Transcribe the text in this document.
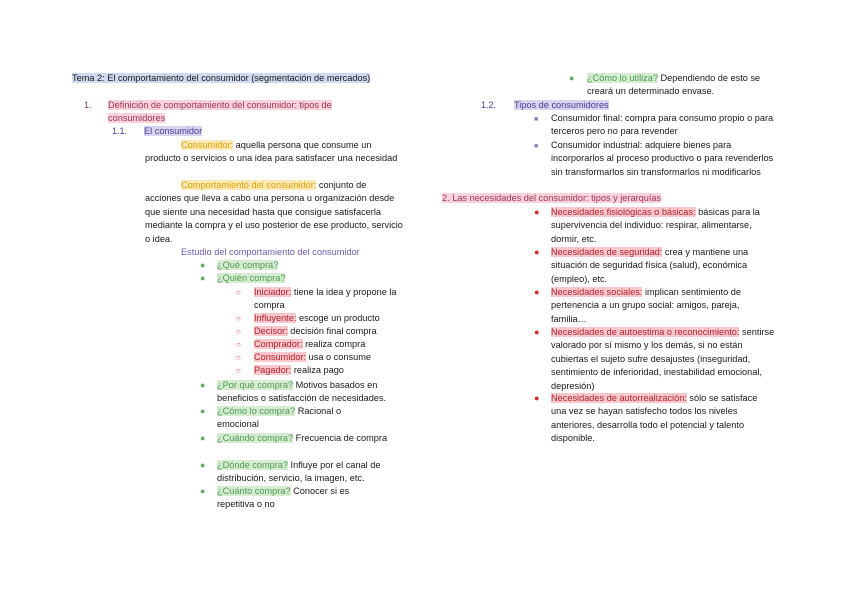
Tema 2: El comportamiento del consumidor (segmentación de mercados)
1. Definición de comportamiento del consumidor: tipos de consumidores
1.1. El consumidor
Consumidor: aquella persona que consume un producto o servicios o una idea para satisfacer una necesidad
Comportamiento del consumidor: conjunto de acciones que lleva a cabo una persona u organización desde que siente una necesidad hasta que consigue satisfacerla mediante la compra y el uso posterior de ese producto, servicio o idea.
Estudio del comportamiento del consumidor
● ¿Qué compra?
● ¿Quién compra?
○ Iniciador: tiene la idea y propone la compra
○ Influyente: escoge un producto
○ Decisor: decisión final compra
○ Comprador: realiza compra
○ Consumidor: usa o consume
○ Pagador: realiza pago
● ¿Por qué compra? Motivos basados en beneficios o satisfacción de necesidades.
● ¿Cómo lo compra? Racional o emocional
● ¿Cuándo compra? Frecuencia de compra
● ¿Dónde compra? Influye por el canal de distribución, servicio, la imagen, etc.
● ¿Cuánto compra? Conocer si es repetitiva o no
● ¿Cómo lo utiliza? Dependiendo de esto se creará un determinado envase.
1.2. Tipos de consumidores
■ Consumidor final: compra para consumo propio o para terceros pero no para revender
■ Consumidor industrial: adquiere bienes para incorporarlos al proceso productivo o para revenderlos sin transformarlos sin transformarlos ni modificarlos
2. Las necesidades del consumidor: tipos y jerarquías
● Necesidades fisiológicas o básicas: básicas para la supervivencia del individuo: respirar, alimentarse, dormir, etc.
● Necesidades de seguridad: crea y mantiene una situación de seguridad física (salud), económica (empleo), etc.
● Necesidades sociales: implican sentimiento de pertenencia a un grupo social: amigos, pareja, familia…
● Necesidades de autoestima o reconocimiento: sentirse valorado por sí mismo y los demás, si no están cubiertas el sujeto sufre desajustes (inseguridad, sentimiento de inferioridad, inestabilidad emocional, depresión)
● Necesidades de autorrealización: sólo se satisface una vez se hayan satisfecho todos los niveles anteriores, desarrolla todo el potencial y talento disponible.
